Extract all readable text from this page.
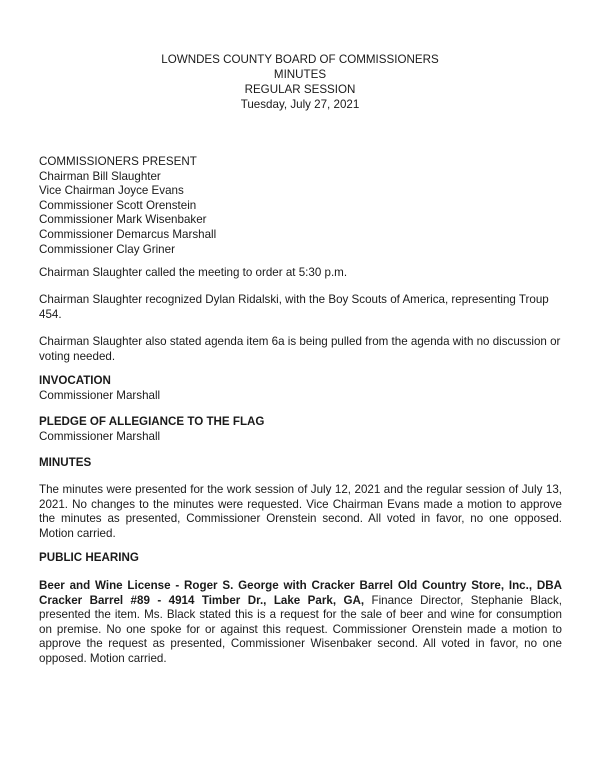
LOWNDES COUNTY BOARD OF COMMISSIONERS
MINUTES
REGULAR SESSION
Tuesday, July 27, 2021
COMMISSIONERS PRESENT
Chairman Bill Slaughter
Vice Chairman Joyce Evans
Commissioner Scott Orenstein
Commissioner Mark Wisenbaker
Commissioner Demarcus Marshall
Commissioner Clay Griner
Chairman Slaughter called the meeting to order at 5:30 p.m.
Chairman Slaughter recognized Dylan Ridalski, with the Boy Scouts of America, representing Troup 454.
Chairman Slaughter also stated agenda item 6a is being pulled from the agenda with no discussion or voting needed.
INVOCATION
Commissioner Marshall
PLEDGE OF ALLEGIANCE TO THE FLAG
Commissioner Marshall
MINUTES
The minutes were presented for the work session of July 12, 2021 and the regular session of July 13, 2021. No changes to the minutes were requested. Vice Chairman Evans made a motion to approve the minutes as presented, Commissioner Orenstein second. All voted in favor, no one opposed. Motion carried.
PUBLIC HEARING
Beer and Wine License - Roger S. George with Cracker Barrel Old Country Store, Inc., DBA Cracker Barrel #89 - 4914 Timber Dr., Lake Park, GA, Finance Director, Stephanie Black, presented the item. Ms. Black stated this is a request for the sale of beer and wine for consumption on premise. No one spoke for or against this request. Commissioner Orenstein made a motion to approve the request as presented, Commissioner Wisenbaker second. All voted in favor, no one opposed. Motion carried.
